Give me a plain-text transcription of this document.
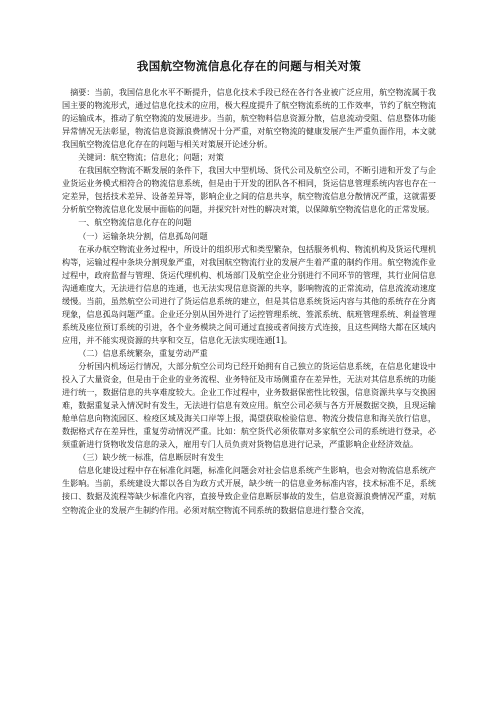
我国航空物流信息化存在的问题与相关对策

摘要：当前，我国信息化水平不断提升，信息化技术手段已经在各行各业被广泛应用，航空物流属于我国主要的物流形式，通过信息化技术的应用，极大程度提升了航空物流系统的工作效率，节约了航空物流的运输成本，推动了航空物流的发展进步。当前，航空物料信息资源分散，信息流动受阻、信息整体功能异常情况无法彰显，物流信息资源浪费情况十分严重，对航空物流的健康发展产生严重负面作用，本文就我国航空物流信息化存在的问题与相关对策展开论述分析。

关键词：航空物流；信息化；问题；对策

在我国航空物流不断发展的条件下，我国大中型机场、货代公司及航空公司，不断引进和开发了与企业货运业务模式相符合的物流信息系统，但是由于开发的团队各不相同，货运信息管理系统内容也存在一定差异，包括技术差异、设备差异等，影响企业之间的信息共享，航空物流信息分散情况严重，这就需要分析航空物流信息化发展中面临的问题，并探究针对性的解决对策，以保障航空物流信息化的正常发展。

一、航空物流信息化存在的问题

（一）运输条块分割，信息孤岛问题

在承办航空物流业务过程中，所设计的组织形式和类型繁杂，包括服务机构、物流机构及货运代理机构等，运输过程中条块分割现象严重，对我国航空物流行业的发展产生着严重的制约作用。航空物流作业过程中，政府监督与管理、货运代理机构、机场部门及航空企业分别进行不同环节的管理，其行业间信息沟通难度大，无法进行信息的连通，也无法实现信息资源的共享，影响物流的正常流动，信息流流动速度缓慢。当前，虽然航空公司进行了货运信息系统的建立，但是其信息系统货运内容与其他的系统存在分离现象，信息孤岛问题严重。企业还分别从国外进行了运控管理系统、签派系统、航班管理系统、利益管理系统及座位预订系统的引进，各个业务模块之间可通过直接或者间接方式连接，且这些网络大都在区域内应用，并不能实现资源的共享和交互，信息化无法实现连通[1]。

（二）信息系统繁杂，重复劳动严重

分析国内机场运行情况，大部分航空公司均已经开始拥有自己独立的货运信息系统，在信息化建设中投入了大量资金，但是由于企业的业务流程、业务特征及市场侧重存在差异性，无法对其信息系统的功能进行统一，数据信息的共享难度较大。企业工作过程中，业务数据保密性比较强，信息资源共享与交换困难，数据重复录入情况时有发生，无法进行信息有效应用。航空公司必须与各方开展数据交换，且现运输舱单信息向物流园区、检疫区域及海关口岸等上报，渴望获取检验信息、物流分拨信息和海关放行信息，数据格式存在差异性，重复劳动情况严重。比如：航空货代必须依靠对多家航空公司的系统进行登录，必须重新进行货物收发信息的录入，雇用专门人员负责对货物信息进行记录，严重影响企业经济效益。

（三）缺少统一标准，信息断层时有发生

信息化建设过程中存在标准化问题，标准化问题会对社会信息系统产生影响，也会对物流信息系统产生影响。当前，系统建设大都以各自为政方式开展，缺少统一的信息业务标准内容，技术标准不足，系统接口、数据及流程等缺少标准化内容，直接导致企业信息断层事故的发生，信息资源浪费情况严重，对航空物流企业的发展产生制约作用。必须对航空物流不同系统的数据信息进行整合交流，
